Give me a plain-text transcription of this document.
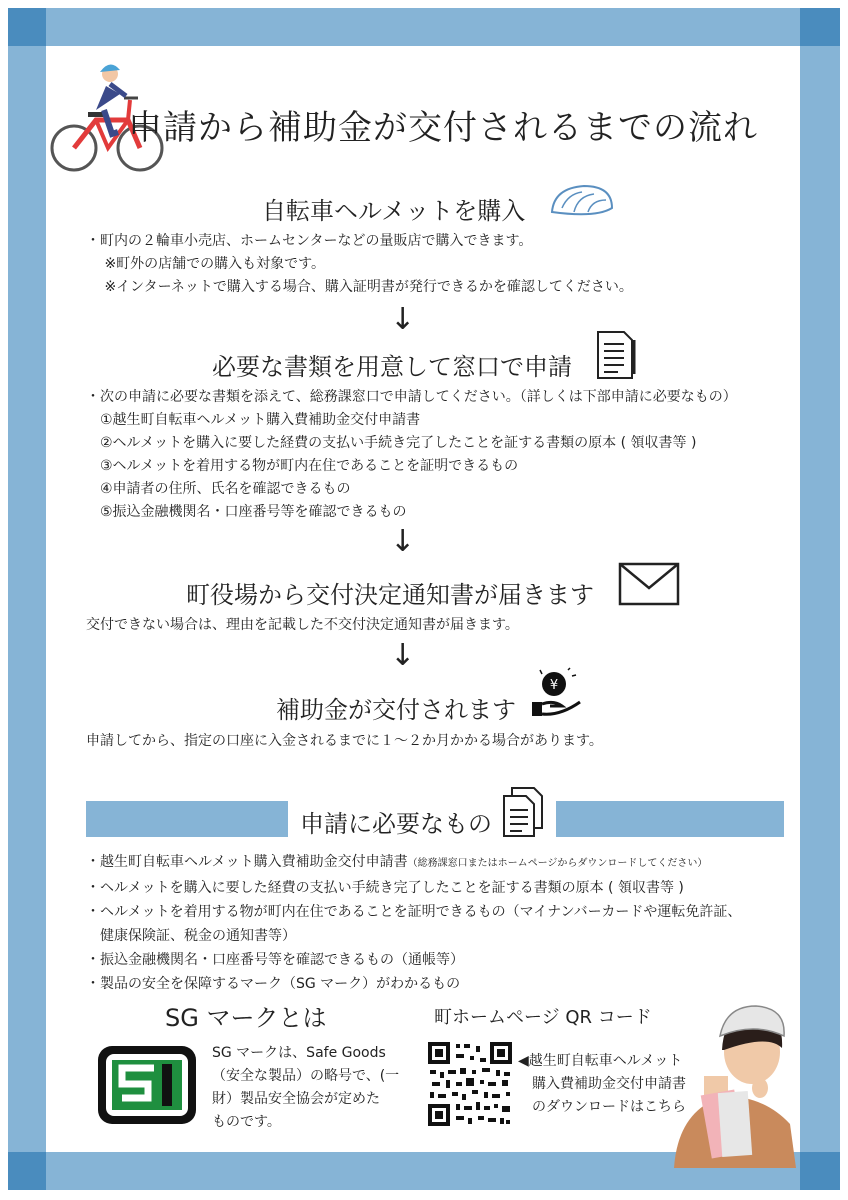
申請から補助金が交付されるまでの流れ
自転車ヘルメットを購入
・町内の２輪車小売店、ホームセンターなどの量販店で購入できます。
　 ※町外の店舗での購入も対象です。
　 ※インターネットで購入する場合、購入証明書が発行できるかを確認してください。
↓
必要な書類を用意して窓口で申請
・次の申請に必要な書類を添えて、総務課窓口で申請してください。（詳しくは下部申請に必要なもの）
　①越生町自転車ヘルメット購入費補助金交付申請書
　②ヘルメットを購入に要した経費の支払い手続き完了したことを証する書類の原本 ( 領収書等 )
　③ヘルメットを着用する物が町内在住であることを証明できるもの
　④申請者の住所、氏名を確認できるもの
　⑤振込金融機関名・口座番号等を確認できるもの
↓
町役場から交付決定通知書が届きます
交付できない場合は、理由を記載した不交付決定通知書が届きます。
↓
補助金が交付されます
¥
申請してから、指定の口座に入金されるまでに１～２か月かかる場合があります。
申請に必要なもの
・越生町自転車ヘルメット購入費補助金交付申請書（総務課窓口またはホームページからダウンロードしてください）
・ヘルメットを購入に要した経費の支払い手続き完了したことを証する書類の原本 ( 領収書等 )
・ヘルメットを着用する物が町内在住であることを証明できるもの（マイナンバーカードや運転免許証、
　健康保険証、税金の通知書等）
・振込金融機関名・口座番号等を確認できるもの（通帳等）
・製品の安全を保障するマーク（SG マーク）がわかるもの
SG マークとは
SG マークは、Safe Goods
（安全な製品）の略号で、(一
財）製品安全協会が定めた
ものです。
町ホームページ QR コード
◀越生町自転車ヘルメット
　購入費補助金交付申請書
　のダウンロードはこちら
